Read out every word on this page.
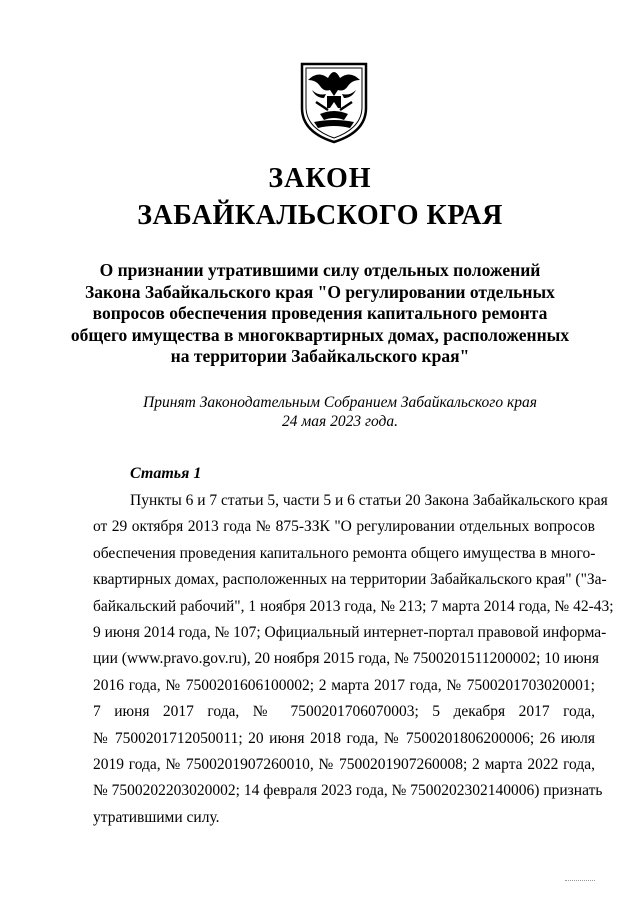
ЗАКОН
ЗАБАЙКАЛЬСКОГО КРАЯ
О признании утратившими силу отдельных положений
Закона Забайкальского края "О регулировании отдельных
вопросов обеспечения проведения капитального ремонта
общего имущества в многоквартирных домах, расположенных
на территории Забайкальского края"
Принят Законодательным Собранием Забайкальского края
24 мая 2023 года.
Статья 1
Пункты 6 и 7 статьи 5, части 5 и 6 статьи 20 Закона Забайкальского края
от 29 октября 2013 года № 875-ЗЗК "О регулировании отдельных вопросов
обеспечения проведения капитального ремонта общего имущества в много-
квартирных домах, расположенных на территории Забайкальского края" ("За-
байкальский рабочий", 1 ноября 2013 года, № 213; 7 марта 2014 года, № 42-43;
9 июня 2014 года, № 107; Официальный интернет-портал правовой информа-
ции (www.pravo.gov.ru), 20 ноября 2015 года, № 7500201511200002; 10 июня
2016 года, № 7500201606100002; 2 марта 2017 года, № 7500201703020001;
7 июня 2017 года, № 7500201706070003; 5 декабря 2017 года,
№ 7500201712050011; 20 июня 2018 года, № 7500201806200006; 26 июля
2019 года, № 7500201907260010, № 7500201907260008; 2 марта 2022 года,
№ 7500202203020002; 14 февраля 2023 года, № 7500202302140006) признать
утратившими силу.
